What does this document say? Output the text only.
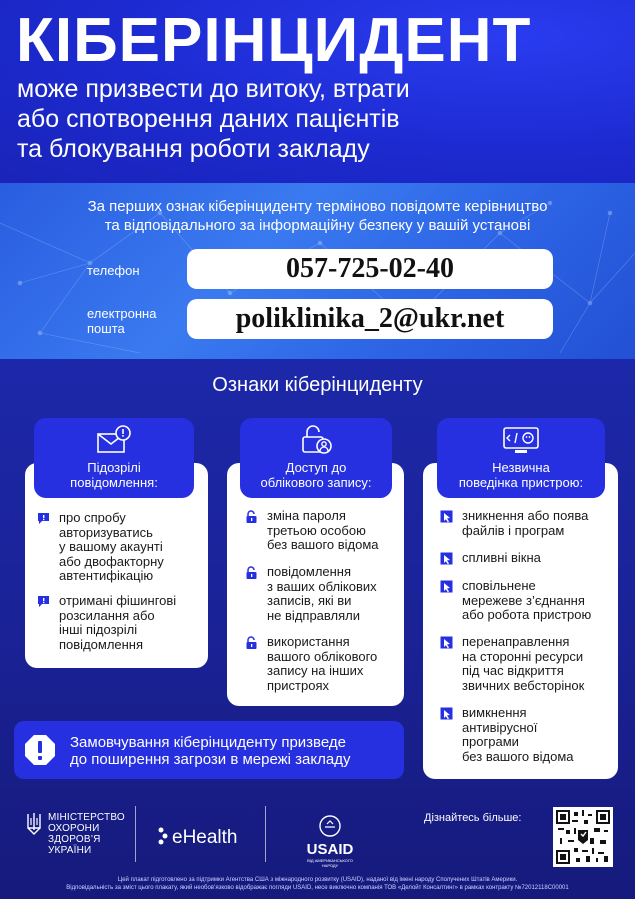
КІБЕРІНЦИДЕНТ
може призвести до витоку, втрати
або спотворення даних пацієнтів
та блокування роботи закладу
За перших ознак кіберінциденту терміново повідомте керівництво
та відповідального за інформаційну безпеку у вашій установі
телефон	057-725-02-40
електронна
пошта	poliklinika_2@ukr.net
Ознаки кіберінциденту
про спробу
авторизуватись
у вашому акаунті
або двофакторну
автентифікацію
отримані фішингові
розсилання або
інші підозрілі
повідомлення
Підозрілі
повідомлення:
зміна пароля
третьою особою
без вашого відома
повідомлення
з ваших облікових
записів, які ви
не відправляли
використання
вашого облікового
запису на інших
пристроях
Доступ до
облікового запису:
зникнення або поява
файлів і програм
спливні вікна
сповільнене
мережеве з’єднання
або робота пристрою
перенаправлення
на сторонні ресурси
під час відкриття
звичних вебсторінок
вимкнення
антивірусної
програми
без вашого відома
Незвична
поведінка пристрою:
Замовчування кіберінциденту призведе
до поширення загрози в мережі закладу
МІНІСТЕРСТВО
ОХОРОНИ
ЗДОРОВ’Я
УКРАЇНИ
eHealth
USAID
ВІД АМЕРИКАНСЬКОГО НАРОДУ
Дізнайтесь більше:
Цей плакат підготовлено за підтримки Агентства США з міжнародного розвитку (USAID), наданої від імені народу Сполучених Штатів Америки.
Відповідальність за зміст цього плакату, який необов’язково відображає погляди USAID, несе виключно компанія ТОВ «Делойт Консалтинг» в рамках контракту №72012118C00001
